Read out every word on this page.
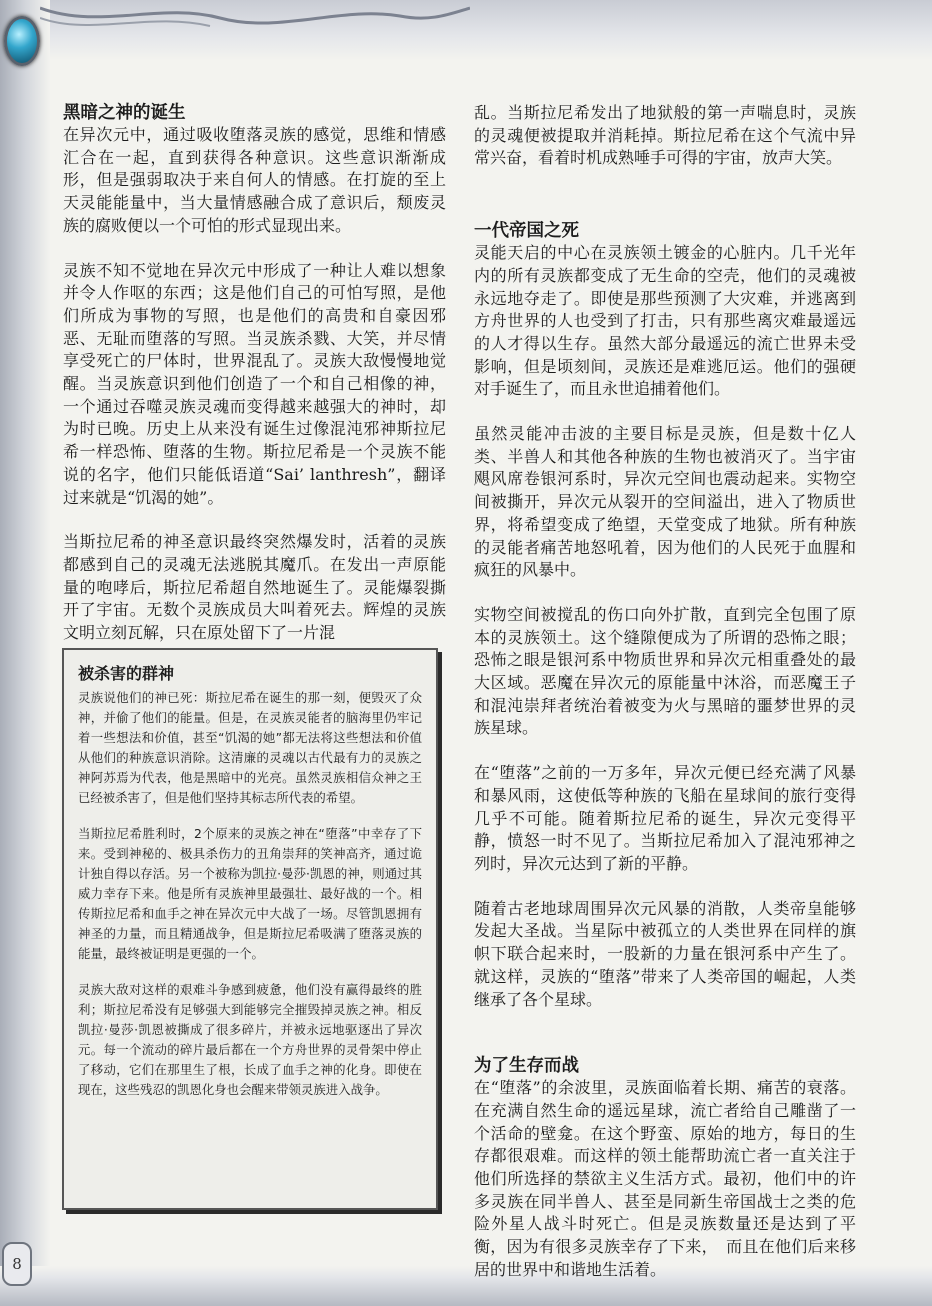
黑暗之神的诞生

在异次元中，通过吸收堕落灵族的感觉，思维和情感汇合在一起，直到获得各种意识。这些意识渐渐成形，但是强弱取决于来自何人的情感。在打旋的至上天灵能能量中，当大量情感融合成了意识后，颓废灵族的腐败便以一个可怕的形式显现出来。

灵族不知不觉地在异次元中形成了一种让人难以想象并令人作呕的东西；这是他们自己的可怕写照，是他们所成为事物的写照，也是他们的高贵和自豪因邪恶、无耻而堕落的写照。当灵族杀戮、大笑，并尽情享受死亡的尸体时，世界混乱了。灵族大敌慢慢地觉醒。当灵族意识到他们创造了一个和自己相像的神，一个通过吞噬灵族灵魂而变得越来越强大的神时，却为时已晚。历史上从来没有诞生过像混沌邪神斯拉尼希一样恐怖、堕落的生物。斯拉尼希是一个灵族不能说的名字，他们只能低语道“Sai’ lanthresh”，翻译过来就是“饥渴的她”。

当斯拉尼希的神圣意识最终突然爆发时，活着的灵族都感到自己的灵魂无法逃脱其魔爪。在发出一声原能量的咆哮后，斯拉尼希超自然地诞生了。灵能爆裂撕开了宇宙。无数个灵族成员大叫着死去。辉煌的灵族文明立刻瓦解，只在原处留下了一片混

被杀害的群神

灵族说他们的神已死：斯拉尼希在诞生的那一刻，便毁灭了众神，并偷了他们的能量。但是，在灵族灵能者的脑海里仍牢记着一些想法和价值，甚至“饥渴的她”都无法将这些想法和价值从他们的种族意识消除。这清廉的灵魂以古代最有力的灵族之神阿苏焉为代表，他是黑暗中的光亮。虽然灵族相信众神之王已经被杀害了，但是他们坚持其标志所代表的希望。

当斯拉尼希胜利时，2个原来的灵族之神在“堕落”中幸存了下来。受到神秘的、极具杀伤力的丑角崇拜的笑神高齐，通过诡计独自得以存活。另一个被称为凯拉·曼莎·凯恩的神，则通过其威力幸存下来。他是所有灵族神里最强壮、最好战的一个。相传斯拉尼希和血手之神在异次元中大战了一场。尽管凯恩拥有神圣的力量，而且精通战争，但是斯拉尼希吸满了堕落灵族的能量，最终被证明是更强的一个。

灵族大敌对这样的艰难斗争感到疲惫，他们没有赢得最终的胜利；斯拉尼希没有足够强大到能够完全摧毁掉灵族之神。相反凯拉·曼莎·凯恩被撕成了很多碎片，并被永远地驱逐出了异次元。每一个流动的碎片最后都在一个方舟世界的灵骨架中停止了移动，它们在那里生了根，长成了血手之神的化身。即使在现在，这些残忍的凯恩化身也会醒来带领灵族进入战争。

乱。当斯拉尼希发出了地狱般的第一声喘息时，灵族的灵魂便被提取并消耗掉。斯拉尼希在这个气流中异常兴奋，看着时机成熟唾手可得的宇宙，放声大笑。

一代帝国之死

灵能天启的中心在灵族领土镀金的心脏内。几千光年内的所有灵族都变成了无生命的空壳，他们的灵魂被永远地夺走了。即使是那些预测了大灾难，并逃离到方舟世界的人也受到了打击，只有那些离灾难最遥远的人才得以生存。虽然大部分最遥远的流亡世界未受影响，但是顷刻间，灵族还是难逃厄运。他们的强硬对手诞生了，而且永世追捕着他们。

虽然灵能冲击波的主要目标是灵族，但是数十亿人类、半兽人和其他各种族的生物也被消灭了。当宇宙飓风席卷银河系时，异次元空间也震动起来。实物空间被撕开，异次元从裂开的空间溢出，进入了物质世界，将希望变成了绝望，天堂变成了地狱。所有种族的灵能者痛苦地怒吼着，因为他们的人民死于血腥和疯狂的风暴中。

实物空间被搅乱的伤口向外扩散，直到完全包围了原本的灵族领土。这个缝隙便成为了所谓的恐怖之眼；恐怖之眼是银河系中物质世界和异次元相重叠处的最大区域。恶魔在异次元的原能量中沐浴，而恶魔王子和混沌崇拜者统治着被变为火与黑暗的噩梦世界的灵族星球。

在“堕落”之前的一万多年，异次元便已经充满了风暴和暴风雨，这使低等种族的飞船在星球间的旅行变得几乎不可能。随着斯拉尼希的诞生，异次元变得平静，愤怒一时不见了。当斯拉尼希加入了混沌邪神之列时，异次元达到了新的平静。

随着古老地球周围异次元风暴的消散，人类帝皇能够发起大圣战。当星际中被孤立的人类世界在同样的旗帜下联合起来时，一股新的力量在银河系中产生了。就这样，灵族的“堕落”带来了人类帝国的崛起，人类继承了各个星球。

为了生存而战

在“堕落”的余波里，灵族面临着长期、痛苦的衰落。在充满自然生命的遥远星球，流亡者给自己雕凿了一个活命的壁龛。在这个野蛮、原始的地方，每日的生存都很艰难。而这样的领土能帮助流亡者一直关注于他们所选择的禁欲主义生活方式。最初，他们中的许多灵族在同半兽人、甚至是同新生帝国战士之类的危险外星人战斗时死亡。但是灵族数量还是达到了平衡，因为有很多灵族幸存了下来，　而且在他们后来移居的世界中和谐地生活着。

8
